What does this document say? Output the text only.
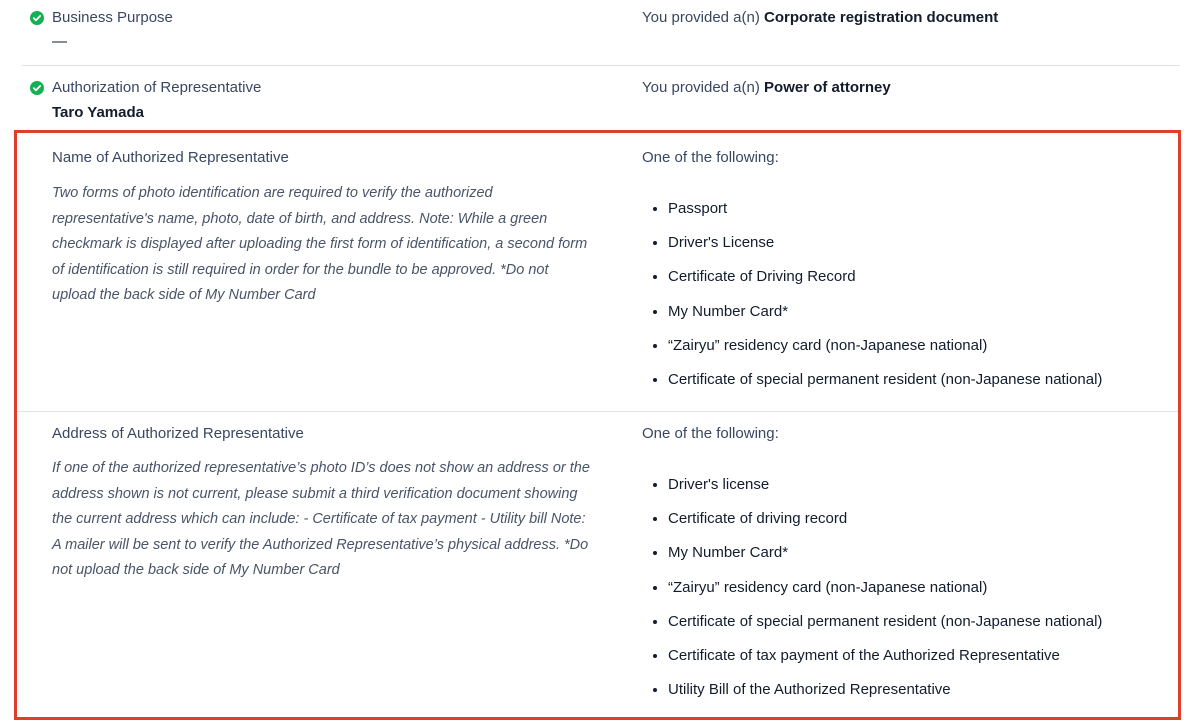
Business Purpose
—
You provided a(n) Corporate registration document
Authorization of Representative
Taro Yamada
You provided a(n) Power of attorney
Name of Authorized Representative
Two forms of photo identification are required to verify the authorized representative's name, photo, date of birth, and address. Note: While a green checkmark is displayed after uploading the first form of identification, a second form of identification is still required in order for the bundle to be approved. *Do not upload the back side of My Number Card
One of the following:
Passport
Driver's License
Certificate of Driving Record
My Number Card*
“Zairyu” residency card (non-Japanese national)
Certificate of special permanent resident (non-Japanese national)
Address of Authorized Representative
If one of the authorized representative’s photo ID’s does not show an address or the address shown is not current, please submit a third verification document showing the current address which can include: - Certificate of tax payment - Utility bill Note: A mailer will be sent to verify the Authorized Representative’s physical address. *Do not upload the back side of My Number Card
One of the following:
Driver's license
Certificate of driving record
My Number Card*
“Zairyu” residency card (non-Japanese national)
Certificate of special permanent resident (non-Japanese national)
Certificate of tax payment of the Authorized Representative
Utility Bill of the Authorized Representative
